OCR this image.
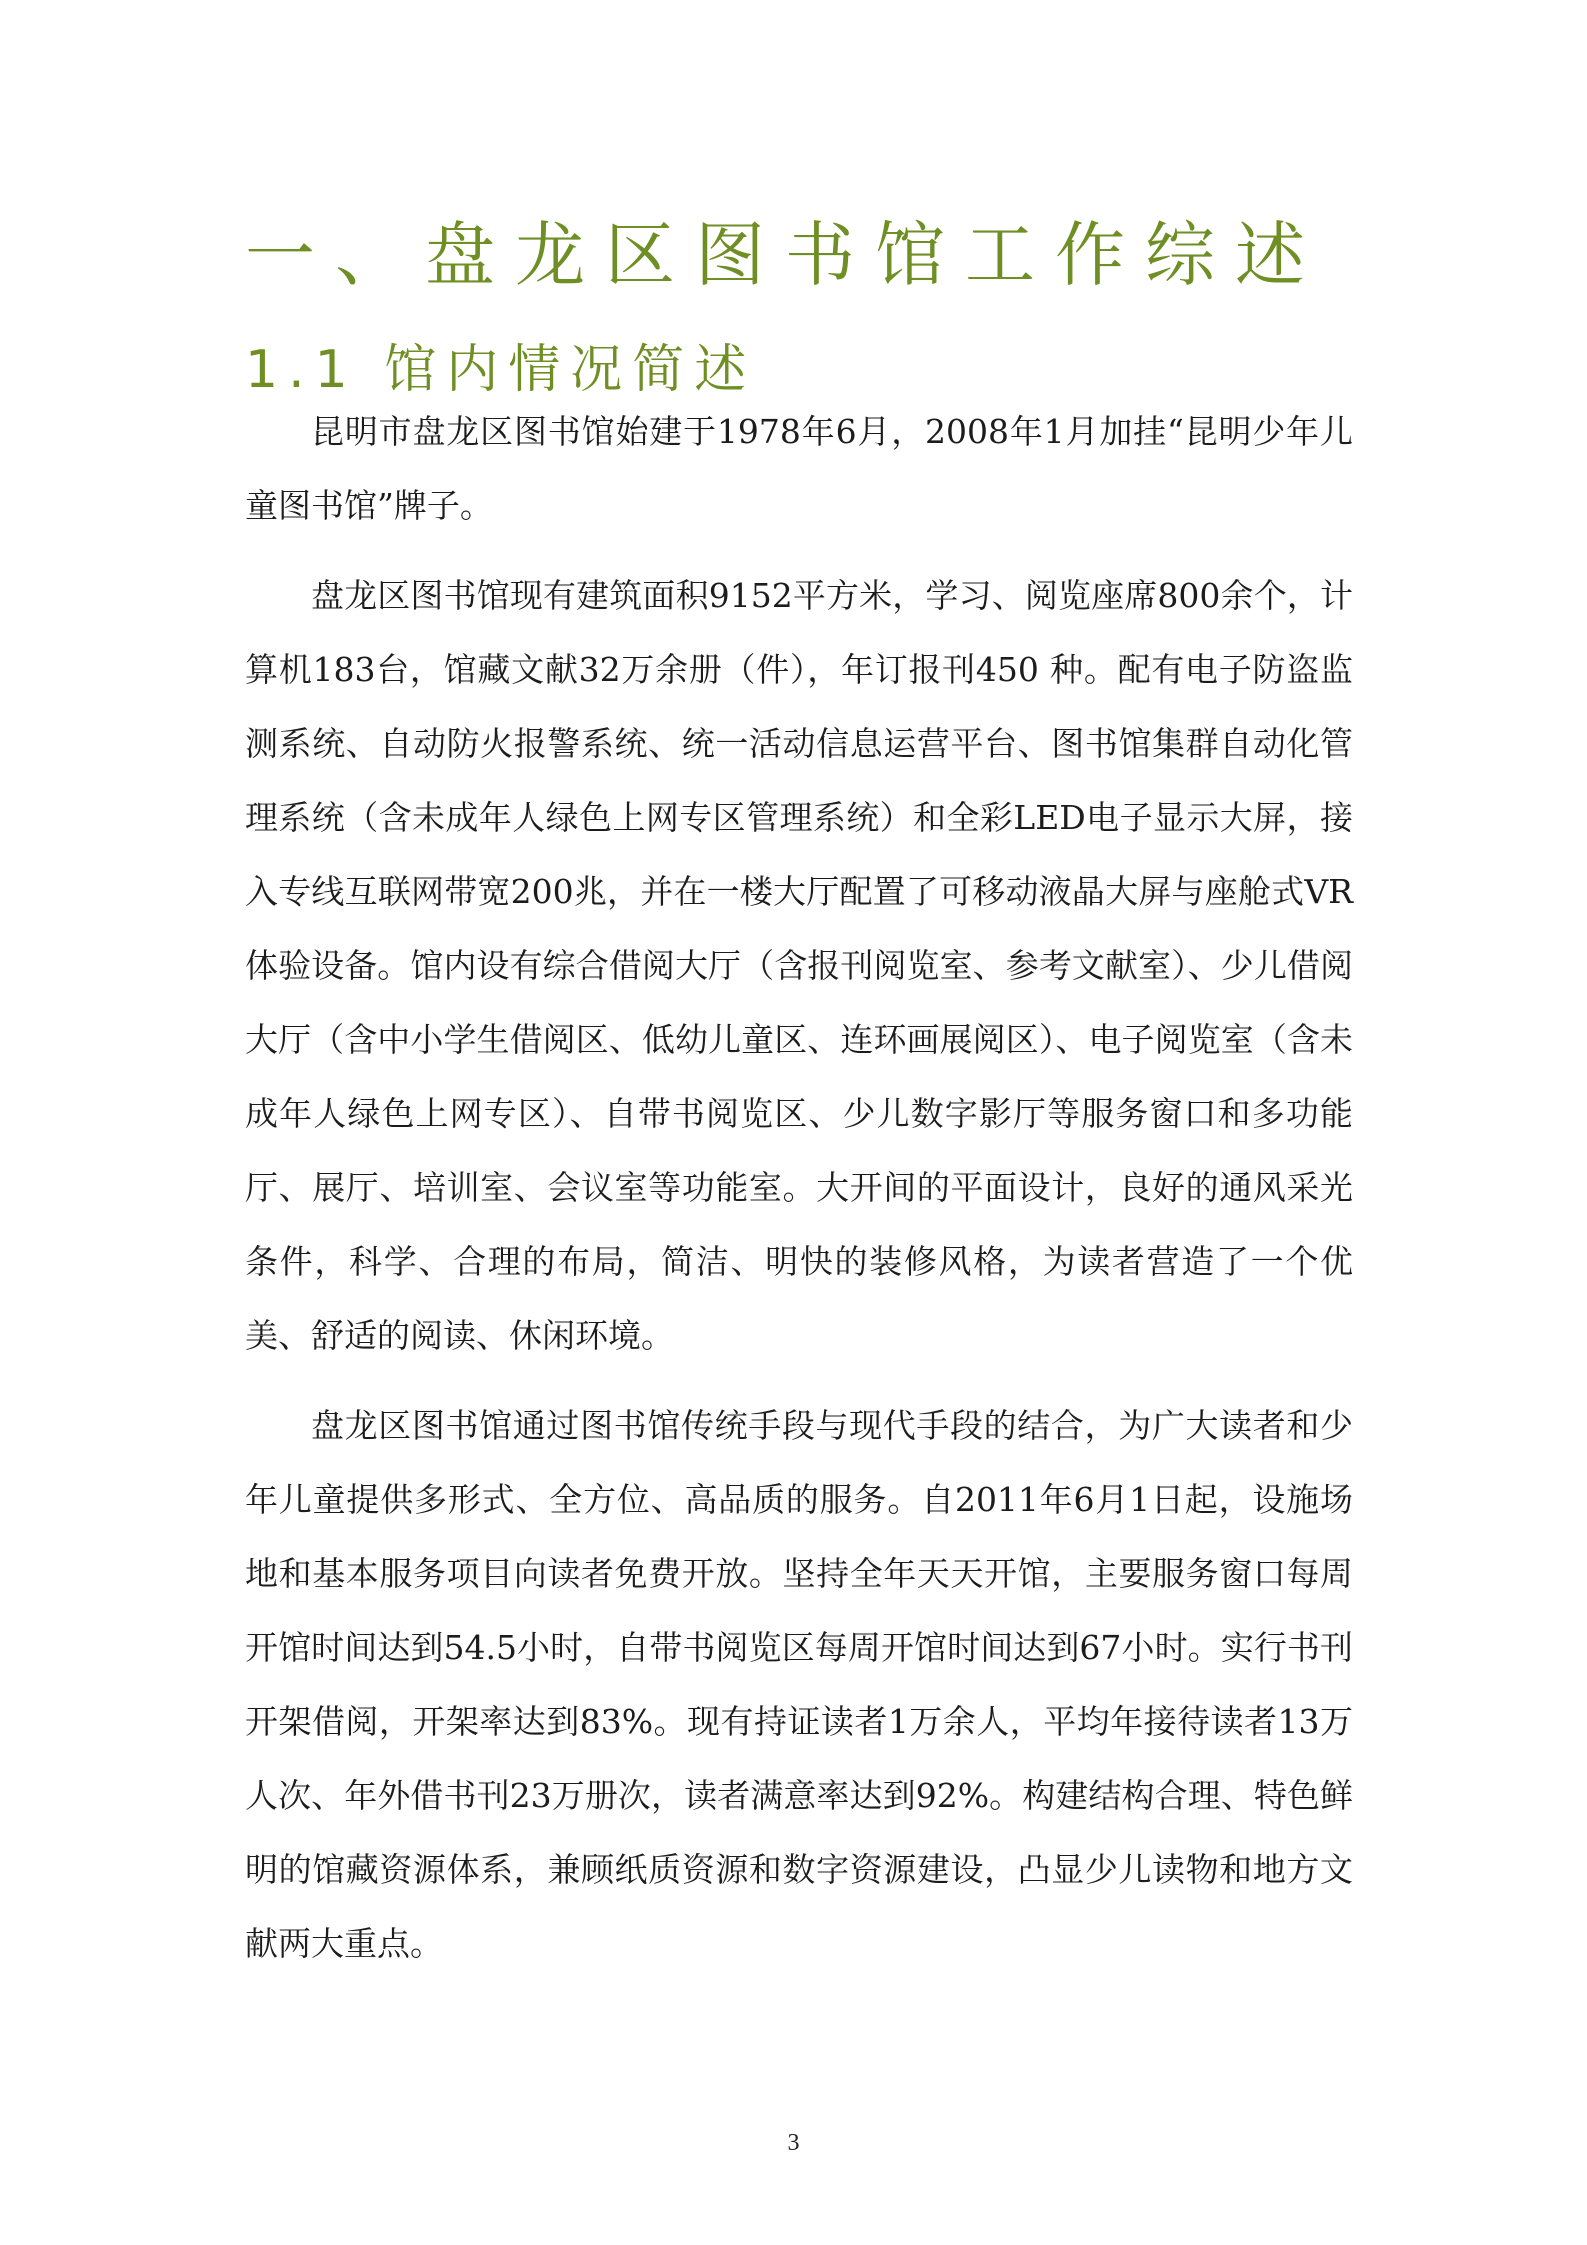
一、盘龙区图书馆工作综述
1.1 馆内情况简述

昆明市盘龙区图书馆始建于1978年6月，2008年1月加挂“昆明少年儿童图书馆”牌子。

盘龙区图书馆现有建筑面积9152平方米，学习、阅览座席800余个，计算机183台，馆藏文献32万余册（件），年订报刊450 种。配有电子防盗监测系统、自动防火报警系统、统一活动信息运营平台、图书馆集群自动化管理系统（含未成年人绿色上网专区管理系统）和全彩LED电子显示大屏，接入专线互联网带宽200兆，并在一楼大厅配置了可移动液晶大屏与座舱式VR体验设备。馆内设有综合借阅大厅（含报刊阅览室、参考文献室）、少儿借阅大厅（含中小学生借阅区、低幼儿童区、连环画展阅区）、电子阅览室（含未成年人绿色上网专区）、自带书阅览区、少儿数字影厅等服务窗口和多功能厅、展厅、培训室、会议室等功能室。大开间的平面设计，良好的通风采光条件，科学、合理的布局，简洁、明快的装修风格，为读者营造了一个优美、舒适的阅读、休闲环境。

盘龙区图书馆通过图书馆传统手段与现代手段的结合，为广大读者和少年儿童提供多形式、全方位、高品质的服务。自2011年6月1日起，设施场地和基本服务项目向读者免费开放。坚持全年天天开馆，主要服务窗口每周开馆时间达到54.5小时，自带书阅览区每周开馆时间达到67小时。实行书刊开架借阅，开架率达到83%。现有持证读者1万余人，平均年接待读者13万人次、年外借书刊23万册次，读者满意率达到92%。构建结构合理、特色鲜明的馆藏资源体系，兼顾纸质资源和数字资源建设，凸显少儿读物和地方文献两大重点。

3
